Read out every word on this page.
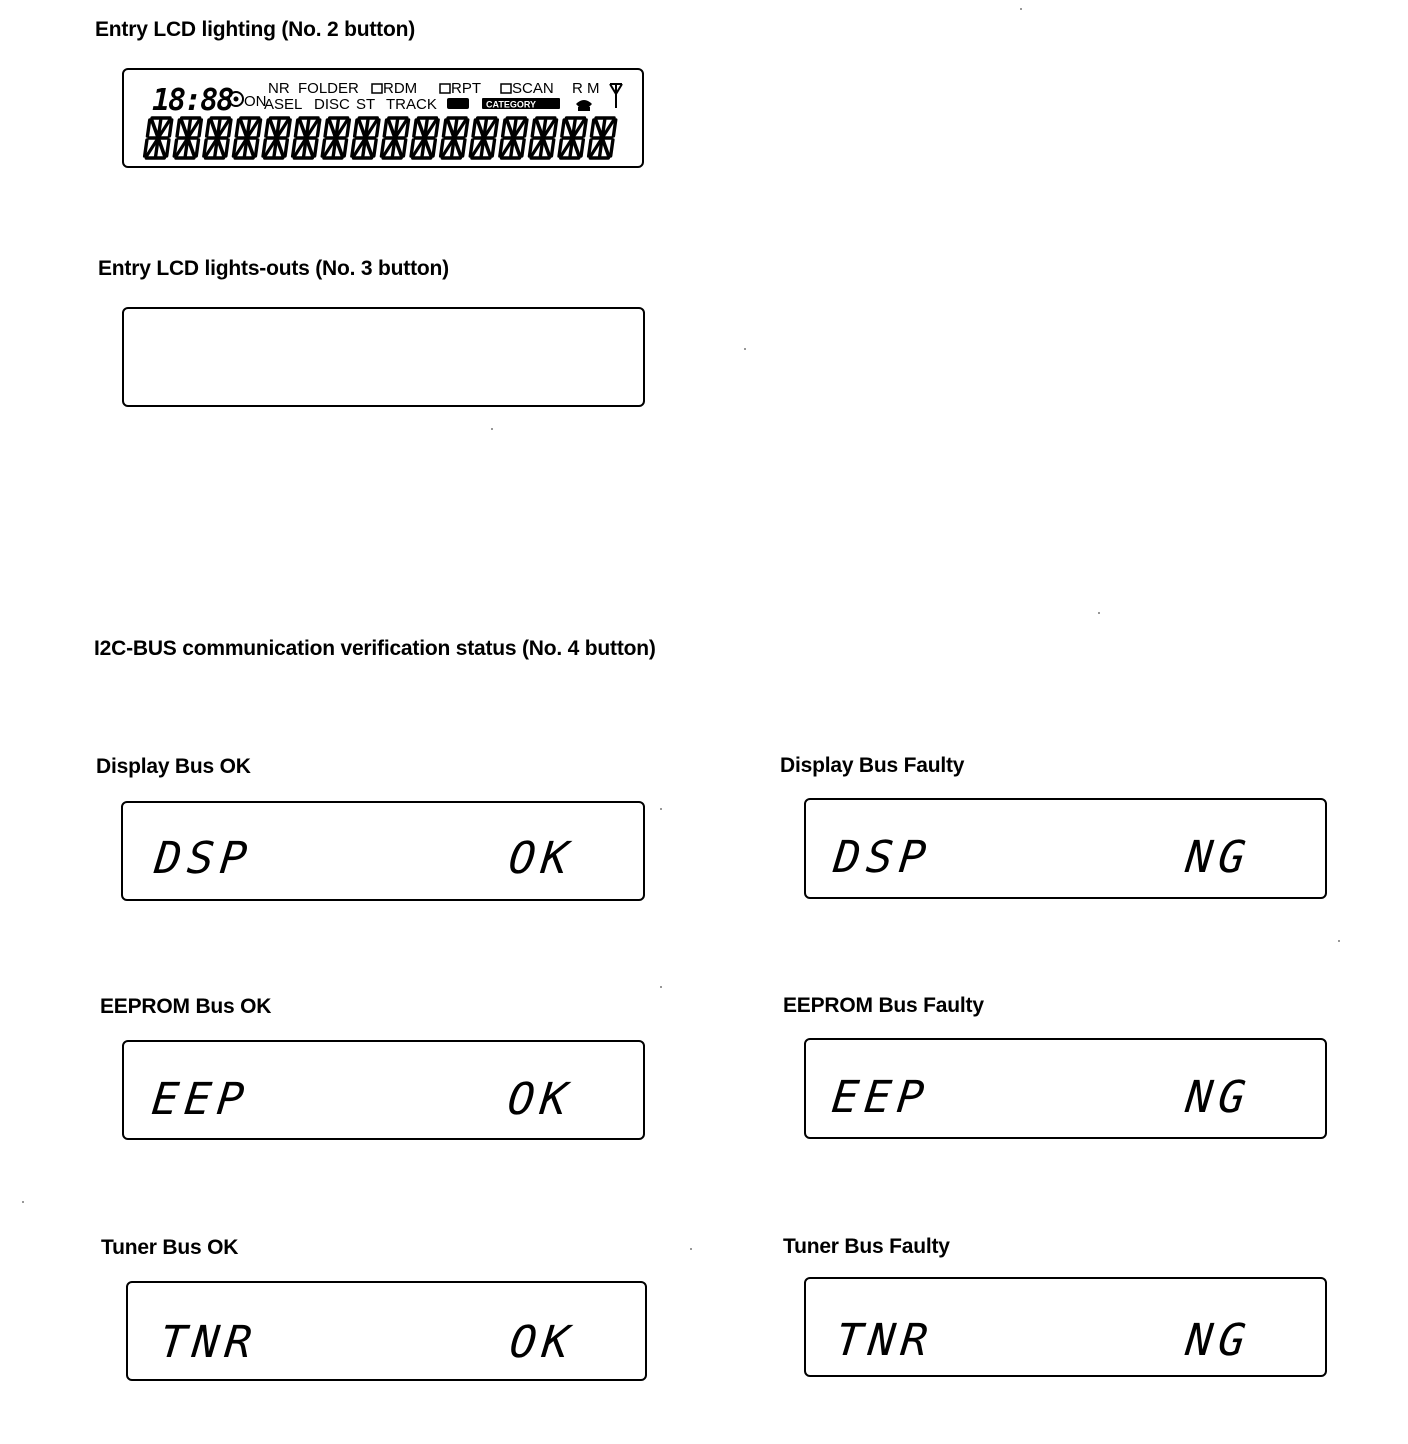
Entry LCD lighting (No. 2 button)
18:88 ON
NR FOLDER RDM RPT SCAN R M
ASEL DISC ST TRACK	CATEGORY
Entry LCD lights-outs (No. 3 button)
I2C-BUS communication verification status (No. 4 button)
Display Bus OK
DSP	OK
Display Bus Faulty
DSP	NG
EEPROM Bus OK
EEP	OK
EEPROM Bus Faulty
EEP	NG
Tuner Bus OK
TNR	OK
Tuner Bus Faulty
TNR	NG
